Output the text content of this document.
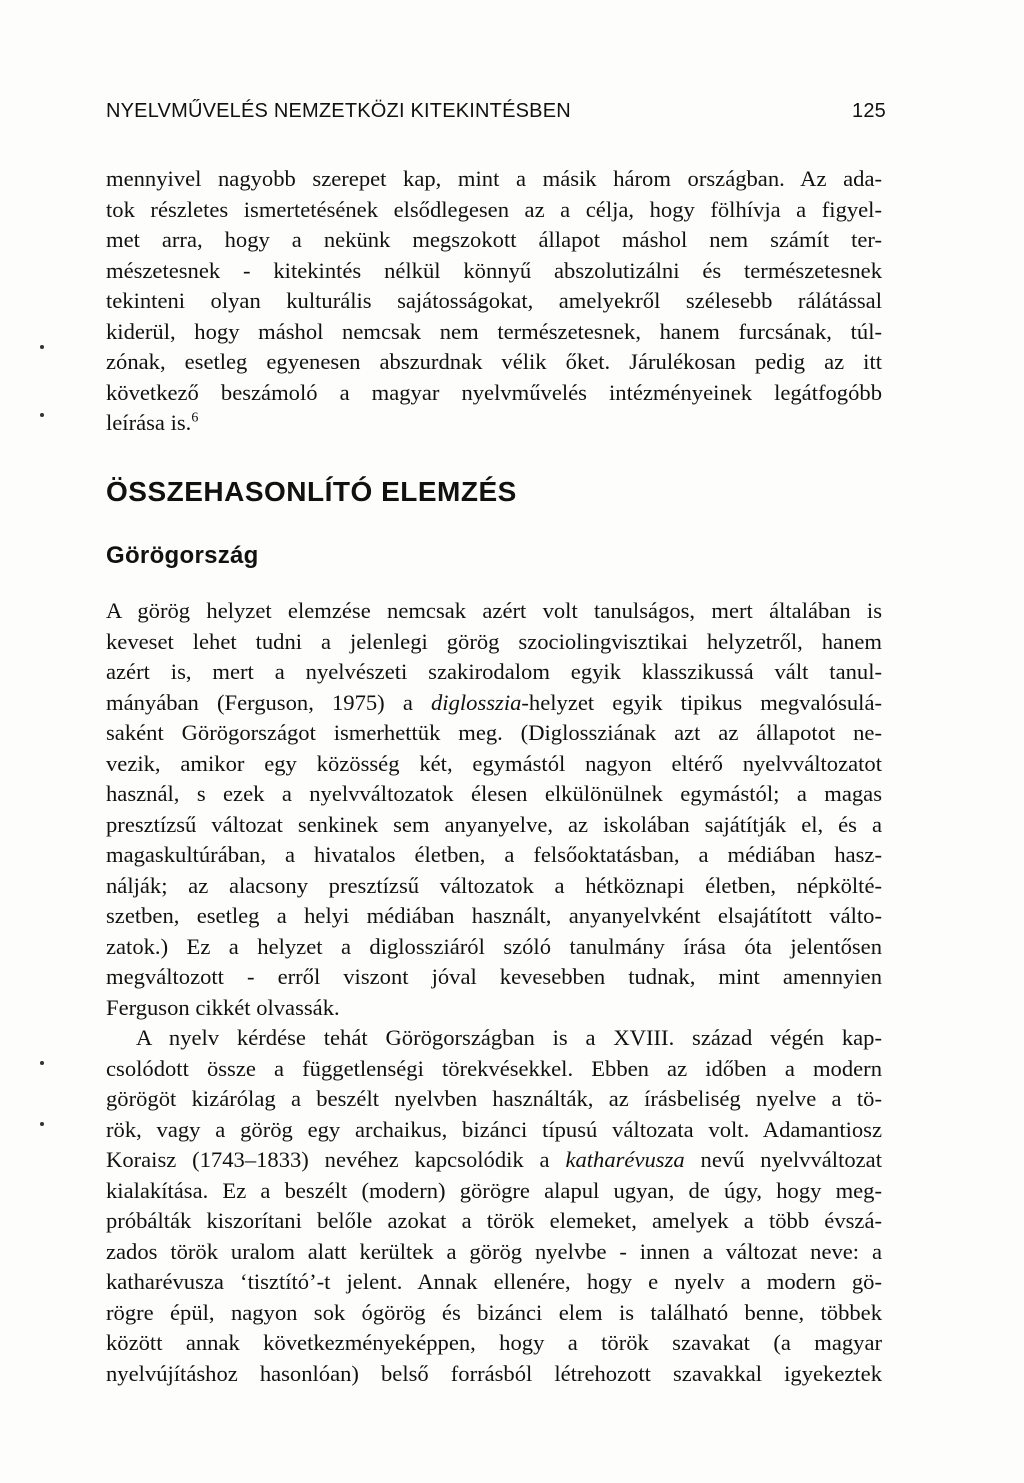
NYELVMŰVELÉS NEMZETKÖZI KITEKINTÉSBEN	125
mennyivel nagyobb szerepet kap, mint a másik három országban. Az ada-
tok részletes ismertetésének elsődlegesen az a célja, hogy fölhívja a figyel-
met arra, hogy a nekünk megszokott állapot máshol nem számít ter-
mészetesnek - kitekintés nélkül könnyű abszolutizálni és természetesnek
tekinteni olyan kulturális sajátosságokat, amelyekről szélesebb rálátással
kiderül, hogy máshol nemcsak nem természetesnek, hanem furcsának, túl-
zónak, esetleg egyenesen abszurdnak vélik őket. Járulékosan pedig az itt
következő beszámoló a magyar nyelvművelés intézményeinek legátfogóbb
leírása is.$^6$
ÖSSZEHASONLÍTÓ ELEMZÉS
Görögország
A görög helyzet elemzése nemcsak azért volt tanulságos, mert általában is
keveset lehet tudni a jelenlegi görög szociolingvisztikai helyzetről, hanem
azért is, mert a nyelvészeti szakirodalom egyik klasszikussá vált tanul-
mányában (Ferguson, 1975) a diglosszia-helyzet egyik tipikus megvalósulá-
saként Görögországot ismerhettük meg. (Diglossziának azt az állapotot ne-
vezik, amikor egy közösség két, egymástól nagyon eltérő nyelvváltozatot
használ, s ezek a nyelvváltozatok élesen elkülönülnek egymástól; a magas
presztízsű változat senkinek sem anyanyelve, az iskolában sajátítják el, és a
magaskultúrában, a hivatalos életben, a felsőoktatásban, a médiában hasz-
nálják; az alacsony presztízsű változatok a hétköznapi életben, népkölté-
szetben, esetleg a helyi médiában használt, anyanyelvként elsajátított válto-
zatok.) Ez a helyzet a diglossziáról szóló tanulmány írása óta jelentősen
megváltozott - erről viszont jóval kevesebben tudnak, mint amennyien
Ferguson cikkét olvassák.
A nyelv kérdése tehát Görögországban is a XVIII. század végén kap-
csolódott össze a függetlenségi törekvésekkel. Ebben az időben a modern
görögöt kizárólag a beszélt nyelvben használták, az írásbeliség nyelve a tö-
rök, vagy a görög egy archaikus, bizánci típusú változata volt. Adamantiosz
Koraisz (1743–1833) nevéhez kapcsolódik a katharévusza nevű nyelvváltozat
kialakítása. Ez a beszélt (modern) görögre alapul ugyan, de úgy, hogy meg-
próbálták kiszorítani belőle azokat a török elemeket, amelyek a több évszá-
zados török uralom alatt kerültek a görög nyelvbe - innen a változat neve: a
katharévusza ‘tisztító’-t jelent. Annak ellenére, hogy e nyelv a modern gö-
rögre épül, nagyon sok ógörög és bizánci elem is található benne, többek
között annak következményeképpen, hogy a török szavakat (a magyar
nyelvújításhoz hasonlóan) belső forrásból létrehozott szavakkal igyekeztek
